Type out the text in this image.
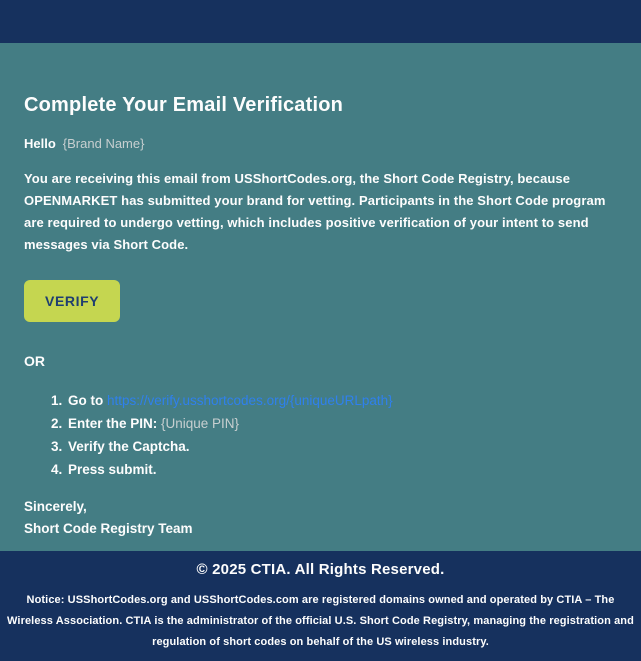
Complete Your Email Verification
Hello {Brand Name}

You are receiving this email from USShortCodes.org, the Short Code Registry, because OPENMARKET has submitted your brand for vetting. Participants in the Short Code program are required to undergo vetting, which includes positive verification of your intent to send messages via Short Code.

VERIFY
OR
1. Go to https://verify.usshortcodes.org/{uniqueURLpath}
2. Enter the PIN: {Unique PIN}
3. Verify the Captcha.
4. Press submit.
Sincerely,
Short Code Registry Team

© 2025 CTIA. All Rights Reserved.

Notice: USShortCodes.org and USShortCodes.com are registered domains owned and operated by CTIA – The Wireless Association. CTIA is the administrator of the official U.S. Short Code Registry, managing the registration and regulation of short codes on behalf of the US wireless industry.
